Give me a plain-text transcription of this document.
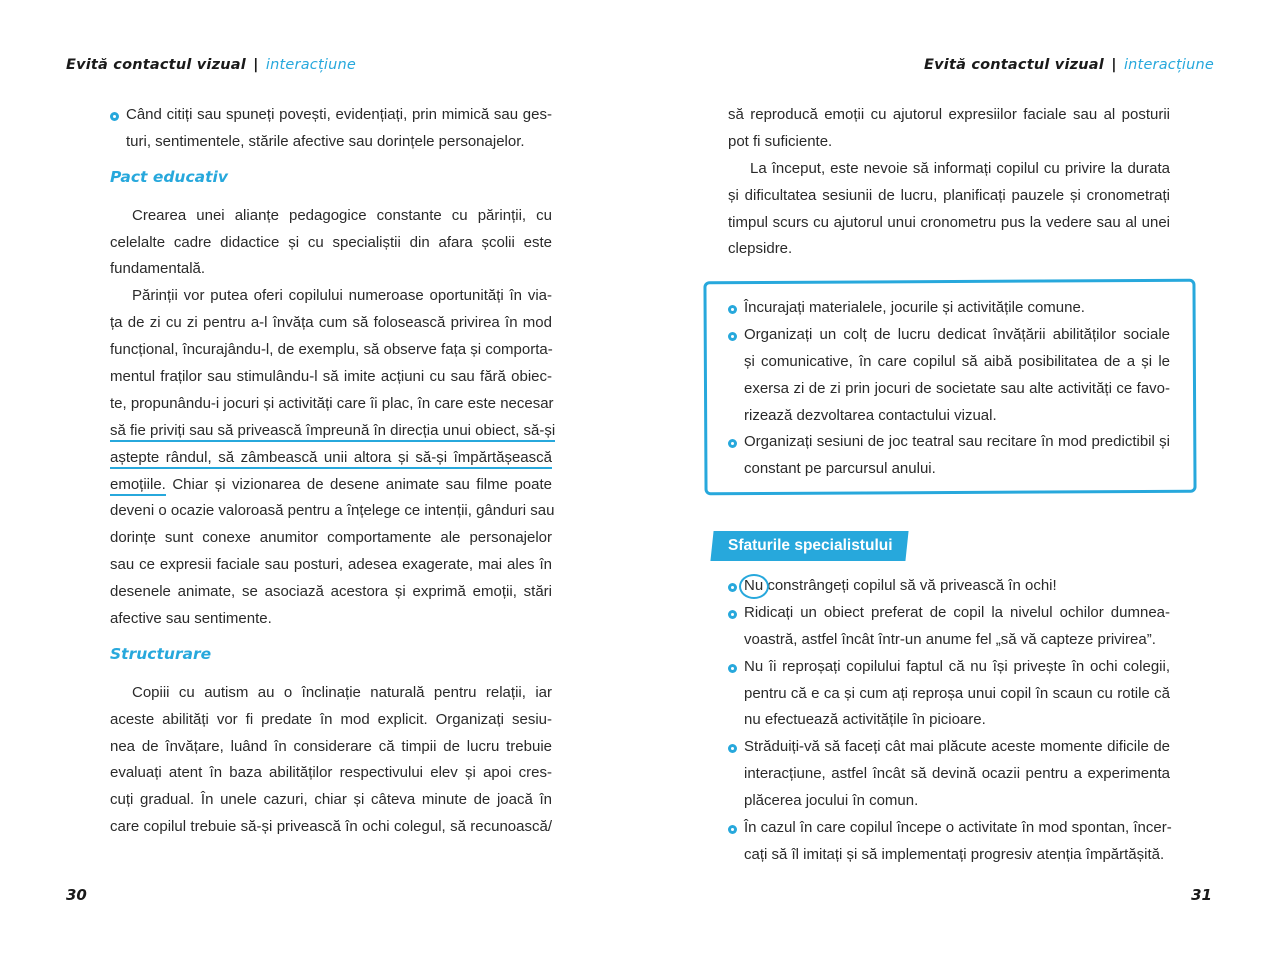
Evită contactul vizual | interacțiune
Când citiți sau spuneți povești, evidențiați, prin mimică sau ges-
turi, sentimentele, stările afective sau dorințele personajelor.
Pact educativ
Crearea unei alianțe pedagogice constante cu părinții, cu
celelalte cadre didactice și cu specialiștii din afara școlii este
fundamentală.
Părinții vor putea oferi copilului numeroase oportunități în via-
ța de zi cu zi pentru a-l învăța cum să folosească privirea în mod
funcțional, încurajându-l, de exemplu, să observe fața și comporta-
mentul fraților sau stimulându-l să imite acțiuni cu sau fără obiec-
te, propunându-i jocuri și activități care îi plac, în care este necesar
să fie priviți sau să privească împreună în direcția unui obiect, să-și
aștepte rândul, să zâmbească unii altora și să-și împărtășească
emoțiile. Chiar și vizionarea de desene animate sau filme poate
deveni o ocazie valoroasă pentru a înțelege ce intenții, gânduri sau
dorințe sunt conexe anumitor comportamente ale personajelor
sau ce expresii faciale sau posturi, adesea exagerate, mai ales în
desenele animate, se asociază acestora și exprimă emoții, stări
afective sau sentimente.
Structurare
Copiii cu autism au o înclinație naturală pentru relații, iar
aceste abilități vor fi predate în mod explicit. Organizați sesiu-
nea de învățare, luând în considerare că timpii de lucru trebuie
evaluați atent în baza abilităților respectivului elev și apoi cres-
cuți gradual. În unele cazuri, chiar și câteva minute de joacă în
care copilul trebuie să-și privească în ochi colegul, să recunoască/
30
Evită contactul vizual | interacțiune
să reproducă emoții cu ajutorul expresiilor faciale sau al posturii
pot fi suficiente.
La început, este nevoie să informați copilul cu privire la durata
și dificultatea sesiunii de lucru, planificați pauzele și cronometrați
timpul scurs cu ajutorul unui cronometru pus la vedere sau al unei
clepsidre.
Încurajați materialele, jocurile și activitățile comune.
Organizați un colț de lucru dedicat învățării abilităților sociale
și comunicative, în care copilul să aibă posibilitatea de a și le
exersa zi de zi prin jocuri de societate sau alte activități ce favo-
rizează dezvoltarea contactului vizual.
Organizați sesiuni de joc teatral sau recitare în mod predictibil și
constant pe parcursul anului.
31
Sfaturile specialistului
Nu constrângeți copilul să vă privească în ochi!
Ridicați un obiect preferat de copil la nivelul ochilor dumnea-
voastră, astfel încât într-un anume fel „să vă capteze privirea”.
Nu îi reproșați copilului faptul că nu își privește în ochi colegii,
pentru că e ca și cum ați reproșa unui copil în scaun cu rotile că
nu efectuează activitățile în picioare.
Străduiți-vă să faceți cât mai plăcute aceste momente dificile de
interacțiune, astfel încât să devină ocazii pentru a experimenta
plăcerea jocului în comun.
În cazul în care copilul începe o activitate în mod spontan, încer-
cați să îl imitați și să implementați progresiv atenția împărtășită.
